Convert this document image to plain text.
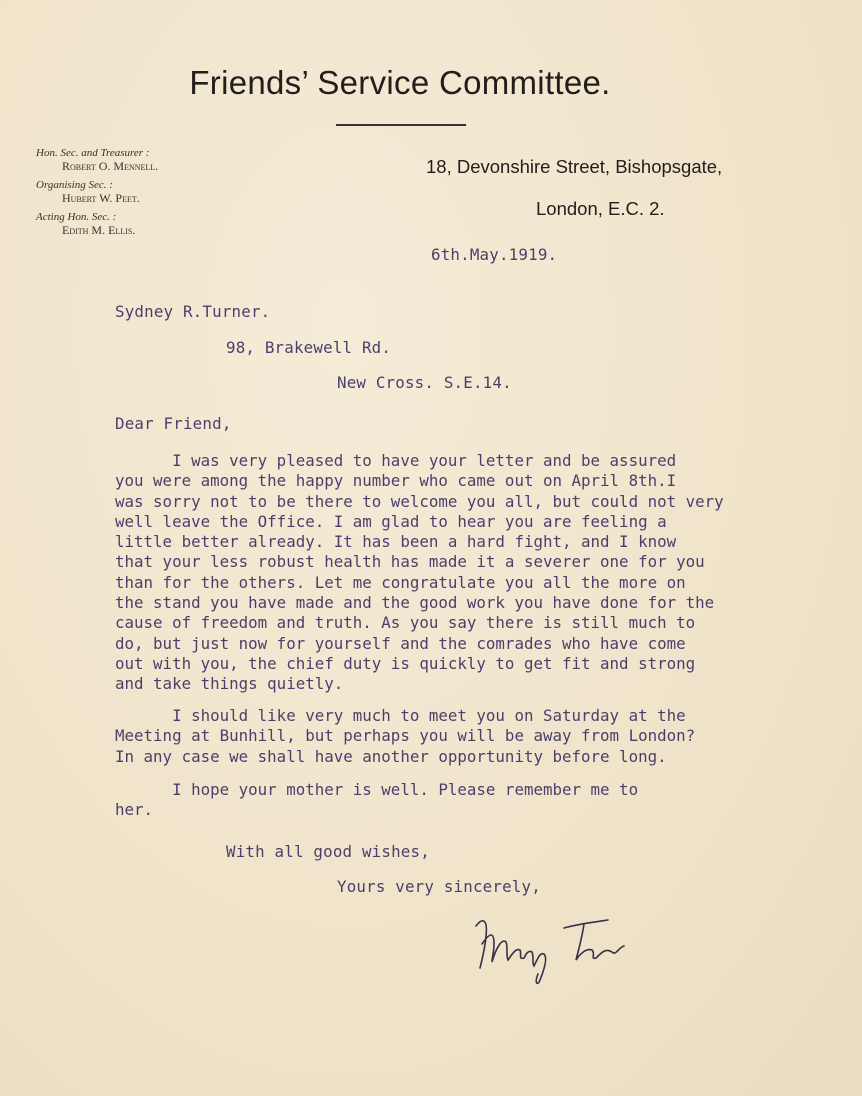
Friends’ Service Committee.
Hon. Sec. and Treasurer :
Robert O. Mennell.
Organising Sec. :
Hubert W. Peet.
Acting Hon. Sec. :
Edith M. Ellis.
18, Devonshire Street, Bishopsgate,
London, E.C. 2.
6th.May.1919.
Sydney R.Turner.
98, Brakewell Rd.
New Cross. S.E.14.
Dear Friend,
I was very pleased to have your letter and be assured
you were among the happy number who came out on April 8th.I
was sorry not to be there to welcome you all, but could not very
well leave the Office. I am glad to hear you are feeling a
little better already. It has been a hard fight, and I know
that your less robust health has made it a severer one for you
than for the others. Let me congratulate you all the more on
the stand you have made and the good work you have done for the
cause of freedom and truth. As you say there is still much to
do, but just now for yourself and the comrades who have come
out with you, the chief duty is quickly to get fit and strong
and take things quietly.
I should like very much to meet you on Saturday at the
Meeting at Bunhill, but perhaps you will be away from London?
In any case we shall have another opportunity before long.
I hope your mother is well. Please remember me to
her.
With all good wishes,
Yours very sincerely,
